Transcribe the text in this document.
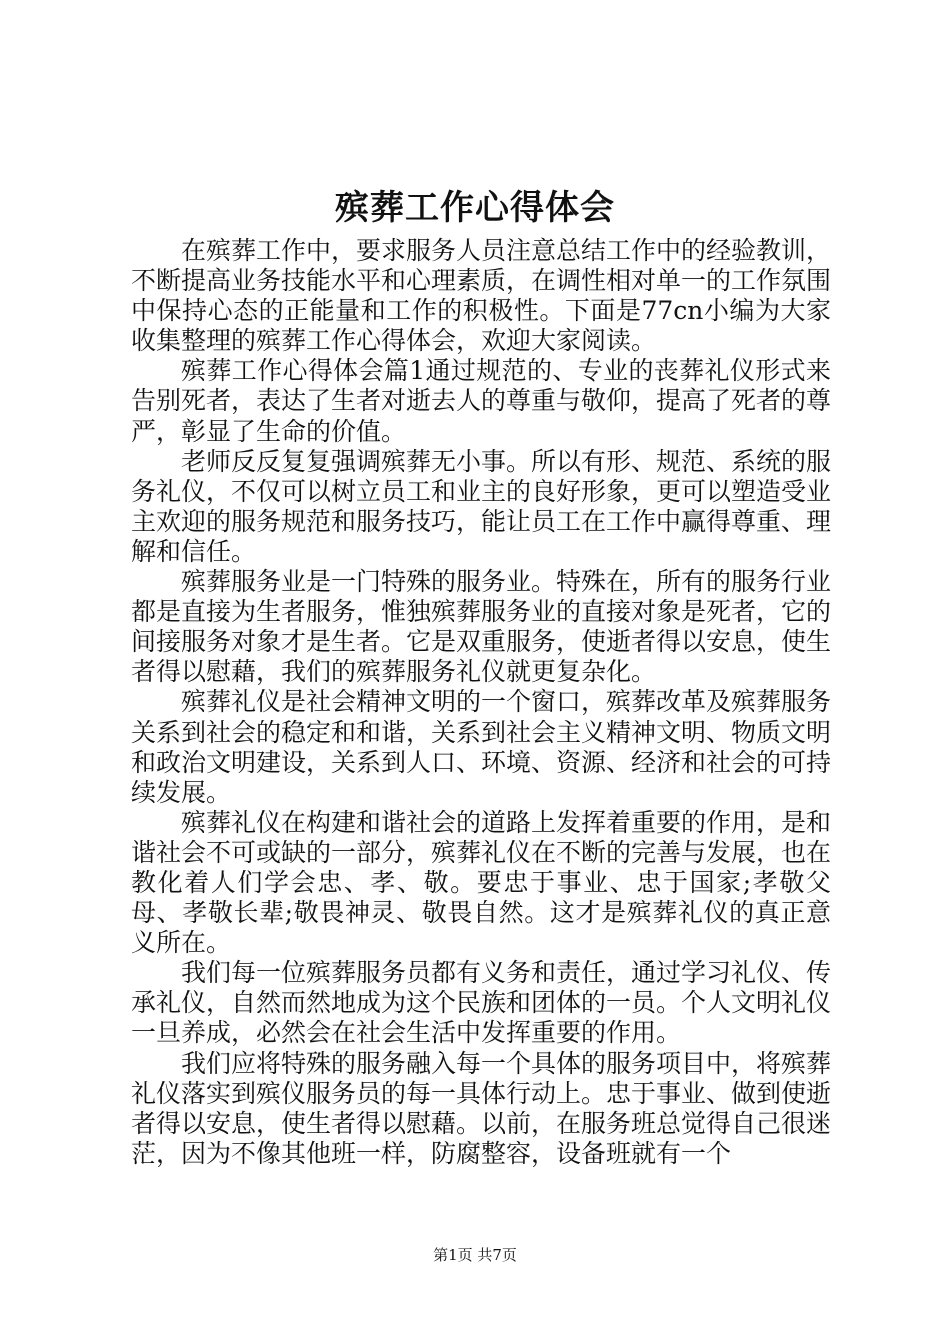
殡葬工作心得体会

在殡葬工作中，要求服务人员注意总结工作中的经验教训，不断提高业务技能水平和心理素质，在调性相对单一的工作氛围中保持心态的正能量和工作的积极性。下面是77cn小编为大家收集整理的殡葬工作心得体会，欢迎大家阅读。

殡葬工作心得体会篇1通过规范的、专业的丧葬礼仪形式来告别死者，表达了生者对逝去人的尊重与敬仰，提高了死者的尊严，彰显了生命的价值。

老师反反复复强调殡葬无小事。所以有形、规范、系统的服务礼仪，不仅可以树立员工和业主的良好形象，更可以塑造受业主欢迎的服务规范和服务技巧，能让员工在工作中赢得尊重、理解和信任。

殡葬服务业是一门特殊的服务业。特殊在，所有的服务行业都是直接为生者服务，惟独殡葬服务业的直接对象是死者，它的间接服务对象才是生者。它是双重服务，使逝者得以安息，使生者得以慰藉，我们的殡葬服务礼仪就更复杂化。

殡葬礼仪是社会精神文明的一个窗口，殡葬改革及殡葬服务关系到社会的稳定和和谐，关系到社会主义精神文明、物质文明和政治文明建设，关系到人口、环境、资源、经济和社会的可持续发展。

殡葬礼仪在构建和谐社会的道路上发挥着重要的作用，是和谐社会不可或缺的一部分，殡葬礼仪在不断的完善与发展，也在教化着人们学会忠、孝、敬。要忠于事业、忠于国家;孝敬父母、孝敬长辈;敬畏神灵、敬畏自然。这才是殡葬礼仪的真正意义所在。

我们每一位殡葬服务员都有义务和责任，通过学习礼仪、传承礼仪，自然而然地成为这个民族和团体的一员。个人文明礼仪一旦养成，必然会在社会生活中发挥重要的作用。

我们应将特殊的服务融入每一个具体的服务项目中，将殡葬礼仪落实到殡仪服务员的每一具体行动上。忠于事业、做到使逝者得以安息，使生者得以慰藉。以前，在服务班总觉得自己很迷茫，因为不像其他班一样，防腐整容，设备班就有一个

第1页 共7页
